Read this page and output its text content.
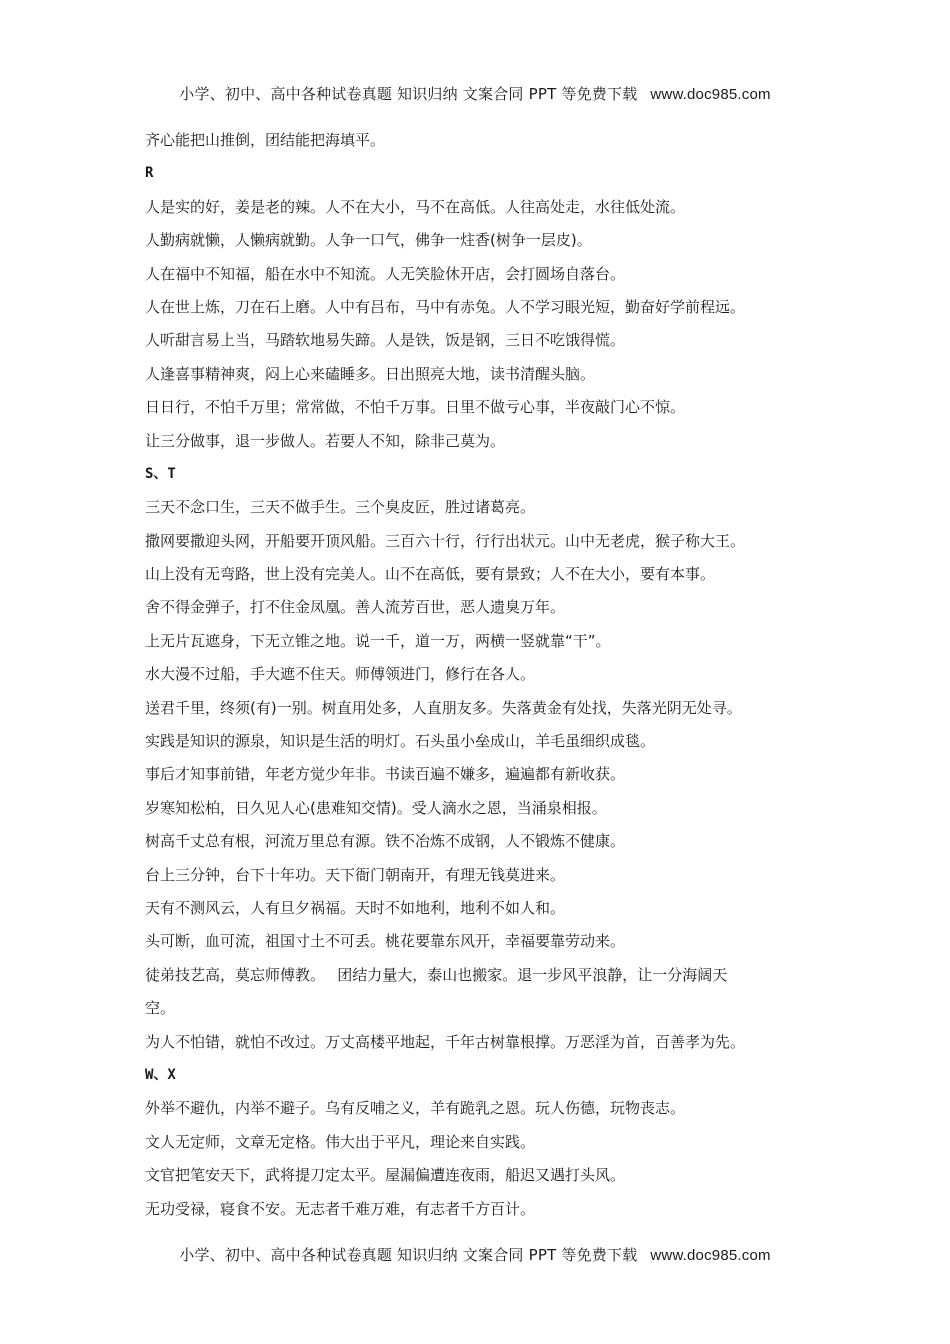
小学、初中、高中各种试卷真题 知识归纳 文案合同 PPT 等免费下载 www.doc985.com
齐心能把山推倒，团结能把海填平。
R
人是实的好，姜是老的辣。人不在大小，马不在高低。人往高处走，水往低处流。
人勤病就懒，人懒病就勤。人争一口气，佛争一炷香(树争一层皮)。
人在福中不知福，船在水中不知流。人无笑脸休开店，会打圆场自落台。
人在世上炼，刀在石上磨。人中有吕布，马中有赤兔。人不学习眼光短，勤奋好学前程远。
人听甜言易上当，马踏软地易失蹄。人是铁，饭是钢，三日不吃饿得慌。
人逢喜事精神爽，闷上心来磕睡多。日出照亮大地，读书清醒头脑。
日日行，不怕千万里；常常做，不怕千万事。日里不做亏心事，半夜敲门心不惊。
让三分做事，退一步做人。若要人不知，除非己莫为。
S、T
三天不念口生，三天不做手生。三个臭皮匠，胜过诸葛亮。
撒网要撒迎头网，开船要开顶风船。三百六十行，行行出状元。山中无老虎，猴子称大王。
山上没有无弯路，世上没有完美人。山不在高低，要有景致；人不在大小，要有本事。
舍不得金弹子，打不住金凤凰。善人流芳百世，恶人遗臭万年。
上无片瓦遮身，下无立锥之地。说一千，道一万，两横一竖就靠“干”。
水大漫不过船，手大遮不住天。师傅领进门，修行在各人。
送君千里，终须(有)一别。树直用处多，人直朋友多。失落黄金有处找，失落光阴无处寻。
实践是知识的源泉，知识是生活的明灯。石头虽小垒成山，羊毛虽细织成毯。
事后才知事前错，年老方觉少年非。书读百遍不嫌多，遍遍都有新收获。
岁寒知松柏，日久见人心(患难知交情)。受人滴水之恩，当涌泉相报。
树高千丈总有根，河流万里总有源。铁不冶炼不成钢，人不锻炼不健康。
台上三分钟，台下十年功。天下衙门朝南开，有理无钱莫进来。
天有不测风云，人有旦夕祸福。天时不如地利，地利不如人和。
头可断，血可流，祖国寸土不可丢。桃花要靠东风开，幸福要靠劳动来。
徒弟技艺高，莫忘师傅教。　 团结力量大，泰山也搬家。退一步风平浪静，让一分海阔天
空。
为人不怕错，就怕不改过。万丈高楼平地起，千年古树靠根撑。万恶淫为首，百善孝为先。
W、X
外举不避仇，内举不避子。乌有反哺之义，羊有跪乳之恩。玩人伤德，玩物丧志。
文人无定师，文章无定格。伟大出于平凡，理论来自实践。
文官把笔安天下，武将提刀定太平。屋漏偏遭连夜雨，船迟又遇打头风。
无功受禄，寝食不安。无志者千难万难，有志者千方百计。
小学、初中、高中各种试卷真题 知识归纳 文案合同 PPT 等免费下载 www.doc985.com
